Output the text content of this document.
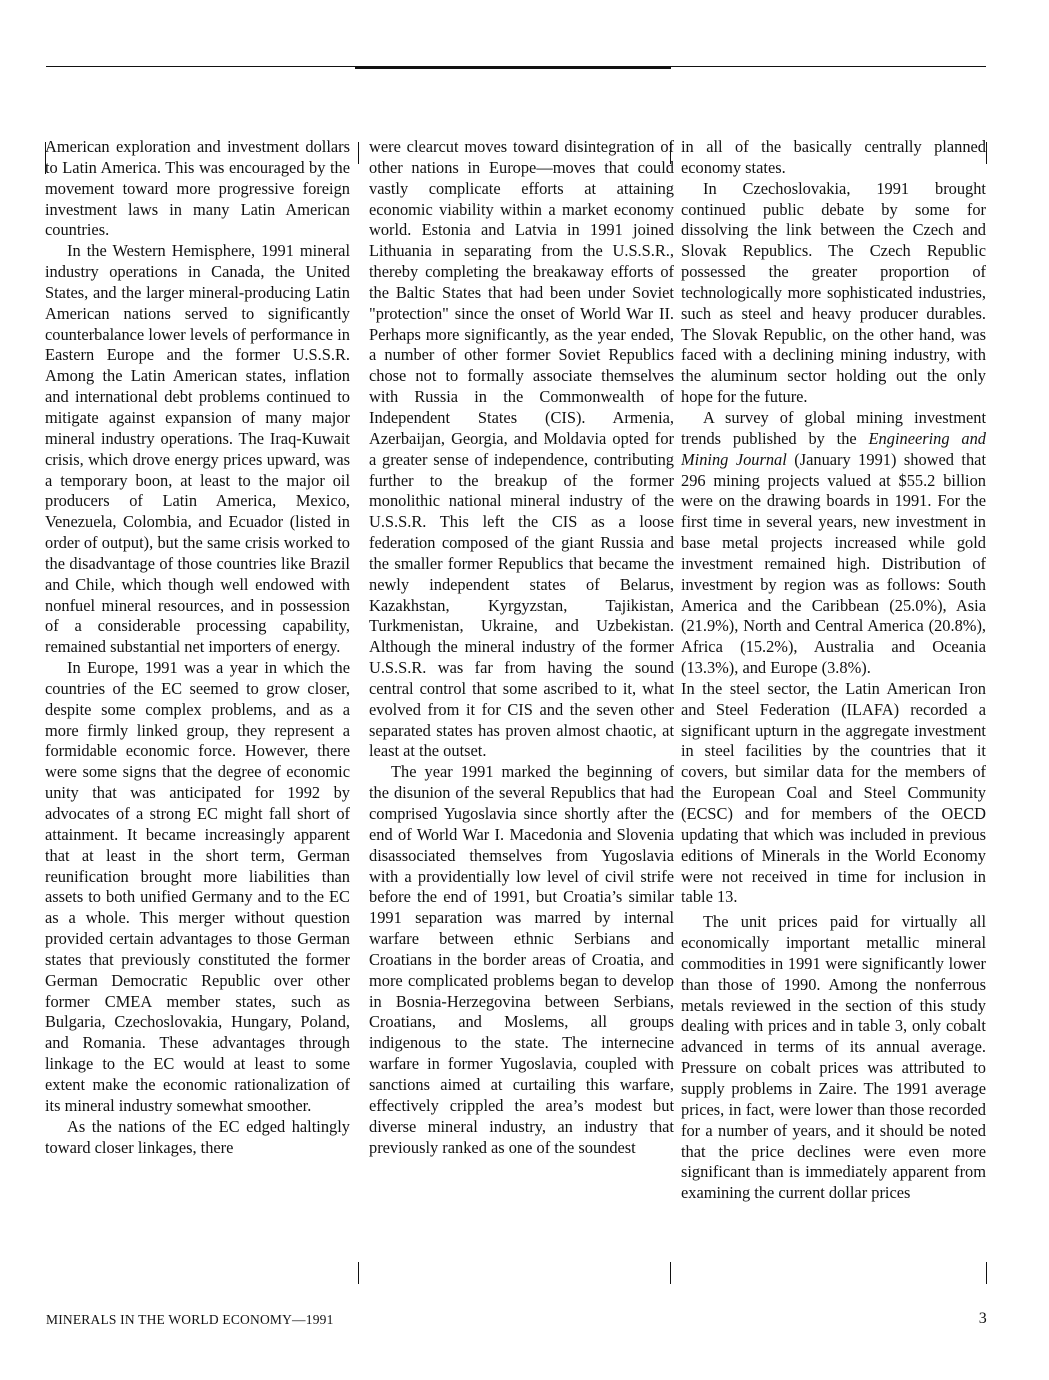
American exploration and investment dollars to Latin America. This was encouraged by the movement toward more progressive foreign investment laws in many Latin American countries.

In the Western Hemisphere, 1991 mineral industry operations in Canada, the United States, and the larger mineral-producing Latin American nations served to significantly counterbalance lower levels of performance in Eastern Europe and the former U.S.S.R. Among the Latin American states, inflation and international debt problems continued to mitigate against expansion of many major mineral industry operations. The Iraq-Kuwait crisis, which drove energy prices upward, was a temporary boon, at least to the major oil producers of Latin America, Mexico, Venezuela, Colombia, and Ecuador (listed in order of output), but the same crisis worked to the disadvantage of those countries like Brazil and Chile, which though well endowed with nonfuel mineral resources, and in possession of a considerable processing capability, remained substantial net importers of energy.

In Europe, 1991 was a year in which the countries of the EC seemed to grow closer, despite some complex problems, and as a more firmly linked group, they represent a formidable economic force. However, there were some signs that the degree of economic unity that was anticipated for 1992 by advocates of a strong EC might fall short of attainment. It became increasingly apparent that at least in the short term, German reunification brought more liabilities than assets to both unified Germany and to the EC as a whole. This merger without question provided certain advantages to those German states that previously constituted the former German Democratic Republic over other former CMEA member states, such as Bulgaria, Czechoslovakia, Hungary, Poland, and Romania. These advantages through linkage to the EC would at least to some extent make the economic rationalization of its mineral industry somewhat smoother.

As the nations of the EC edged haltingly toward closer linkages, there

were clearcut moves toward disintegration of other nations in Europe—moves that could vastly complicate efforts at attaining economic viability within a market economy world. Estonia and Latvia in 1991 joined Lithuania in separating from the U.S.S.R., thereby completing the breakaway efforts of the Baltic States that had been under Soviet "protection" since the onset of World War II. Perhaps more significantly, as the year ended, a number of other former Soviet Republics chose not to formally associate themselves with Russia in the Commonwealth of Independent States (CIS). Armenia, Azerbaijan, Georgia, and Moldavia opted for a greater sense of independence, contributing further to the breakup of the former monolithic national mineral industry of the U.S.S.R. This left the CIS as a loose federation composed of the giant Russia and the smaller former Republics that became the newly independent states of Belarus, Kazakhstan, Kyrgyzstan, Tajikistan, Turkmenistan, Ukraine, and Uzbekistan. Although the mineral industry of the former U.S.S.R. was far from having the sound central control that some ascribed to it, what evolved from it for CIS and the seven other separated states has proven almost chaotic, at least at the outset.

The year 1991 marked the beginning of the disunion of the several Republics that had comprised Yugoslavia since shortly after the end of World War I. Macedonia and Slovenia disassociated themselves from Yugoslavia with a providentially low level of civil strife before the end of 1991, but Croatia’s similar 1991 separation was marred by internal warfare between ethnic Serbians and Croatians in the border areas of Croatia, and more complicated problems began to develop in Bosnia-Herzegovina between Serbians, Croatians, and Moslems, all groups indigenous to the state. The internecine warfare in former Yugoslavia, coupled with sanctions aimed at curtailing this warfare, effectively crippled the area’s modest but diverse mineral industry, an industry that previously ranked as one of the soundest

in all of the basically centrally planned economy states.

In Czechoslovakia, 1991 brought continued public debate by some for dissolving the link between the Czech and Slovak Republics. The Czech Republic possessed the greater proportion of technologically more sophisticated industries, such as steel and heavy producer durables. The Slovak Republic, on the other hand, was faced with a declining mining industry, with the aluminum sector holding out the only hope for the future.

A survey of global mining investment trends published by the Engineering and Mining Journal (January 1991) showed that 296 mining projects valued at $55.2 billion were on the drawing boards in 1991. For the first time in several years, new investment in base metal projects increased while gold investment remained high. Distribution of investment by region was as follows: South America and the Caribbean (25.0%), Asia (21.9%), North and Central America (20.8%), Africa (15.2%), Australia and Oceania (13.3%), and Europe (3.8%).

In the steel sector, the Latin American Iron and Steel Federation (ILAFA) recorded a significant upturn in the aggregate investment in steel facilities by the countries that it covers, but similar data for the members of the European Coal and Steel Community (ECSC) and for members of the OECD updating that which was included in previous editions of Minerals in the World Economy were not received in time for inclusion in table 13.

The unit prices paid for virtually all economically important metallic mineral commodities in 1991 were significantly lower than those of 1990. Among the nonferrous metals reviewed in the section of this study dealing with prices and in table 3, only cobalt advanced in terms of its annual average. Pressure on cobalt prices was attributed to supply problems in Zaire. The 1991 average prices, in fact, were lower than those recorded for a number of years, and it should be noted that the price declines were even more significant than is immediately apparent from examining the current dollar prices

MINERALS IN THE WORLD ECONOMY—1991	3
